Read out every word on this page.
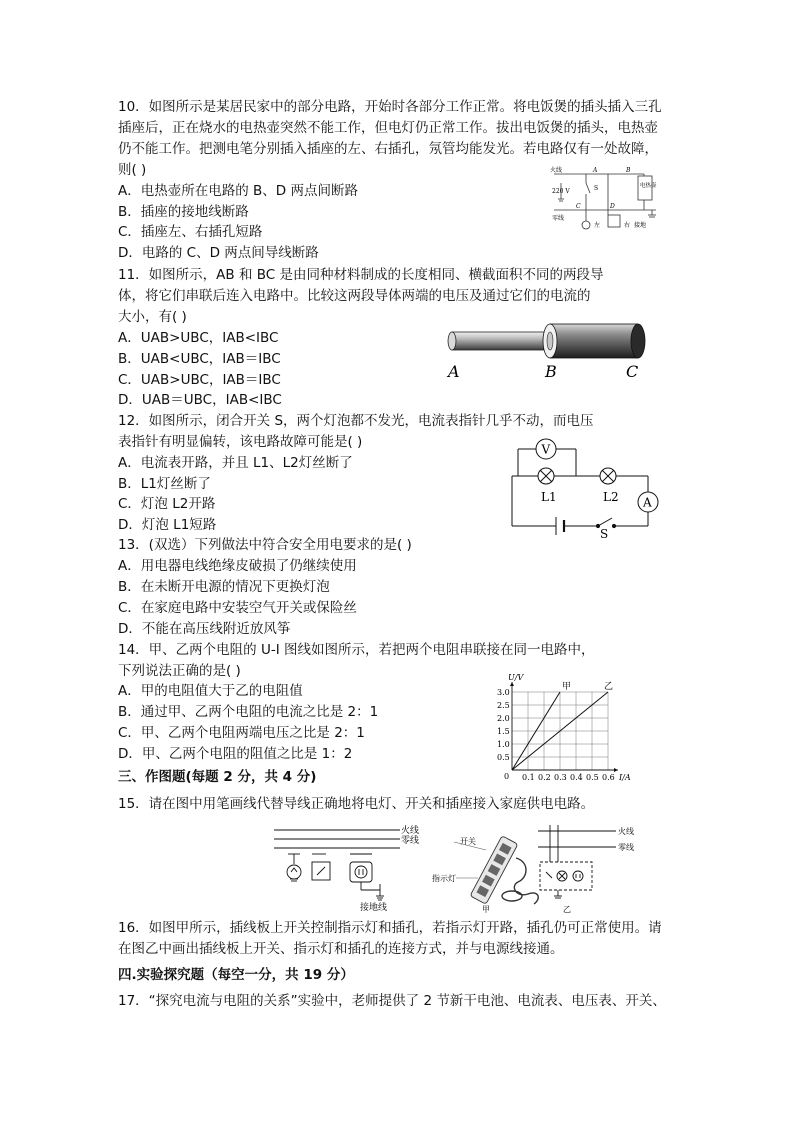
10．如图所示是某居民家中的部分电路，开始时各部分工作正常。将电饭煲的插头插入三孔
插座后，正在烧水的电热壶突然不能工作，但电灯仍正常工作。拔出电饭煲的插头，电热壶
仍不能工作。把测电笔分别插入插座的左、右插孔，氖管均能发光。若电路仅有一处故障，
则( )
A．电热壶所在电路的 B、D 两点间断路
B．插座的接地线断路
C．插座左、右插孔短路
D．电路的 C、D 两点间导线断路
火线
220 V
零线
电热壶
左	右 接地
A	B
C	D
S
11．如图所示，AB 和 BC 是由同种材料制成的长度相同、横截面积不同的两段导
体，将它们串联后连入电路中。比较这两段导体两端的电压及通过它们的电流的
大小，有( )
A．UAB>UBC，IAB<IBC
B．UAB<UBC，IAB＝IBC
C．UAB>UBC，IAB＝IBC
D．UAB＝UBC，IAB<IBC
A	B	C
12．如图所示，闭合开关 S，两个灯泡都不发光，电流表指针几乎不动，而电压
表指针有明显偏转，该电路故障可能是( )
A．电流表开路，并且 L1、L2灯丝断了
B．L1灯丝断了
C．灯泡 L2开路
D．灯泡 L1短路
V
A
L1	L2
S
13．(双选）下列做法中符合安全用电要求的是( )
A．用电器电线绝缘皮破损了仍继续使用
B．在未断开电源的情况下更换灯泡
C．在家庭电路中安装空气开关或保险丝
D．不能在高压线附近放风筝
14．甲、乙两个电阻的 U-I 图线如图所示，若把两个电阻串联接在同一电路中，
下列说法正确的是( )
A．甲的电阻值大于乙的电阻值
B．通过甲、乙两个电阻的电流之比是 2：1
C．甲、乙两个电阻两端电压之比是 2：1
D．甲、乙两个电阻的阻值之比是 1：2
0.1 0.2 0.3 0.4 0.5 0.6
0.5
1.0
1.5
2.0
2.5
3.0
0	I/A
U/V
甲	乙
三、作图题(每题 2 分，共 4 分)
15．请在图中用笔画线代替导线正确地将电灯、开关和插座接入家庭供电电路。
火线
零线
接地线
开关
指示灯
甲
火线
零线
乙
16．如图甲所示，插线板上开关控制指示灯和插孔，若指示灯开路，插孔仍可正常使用。请
在图乙中画出插线板上开关、指示灯和插孔的连接方式，并与电源线接通。
四.实验探究题（每空一分，共 19 分）
17．“探究电流与电阻的关系”实验中，老师提供了 2 节新干电池、电流表、电压表、开关、
